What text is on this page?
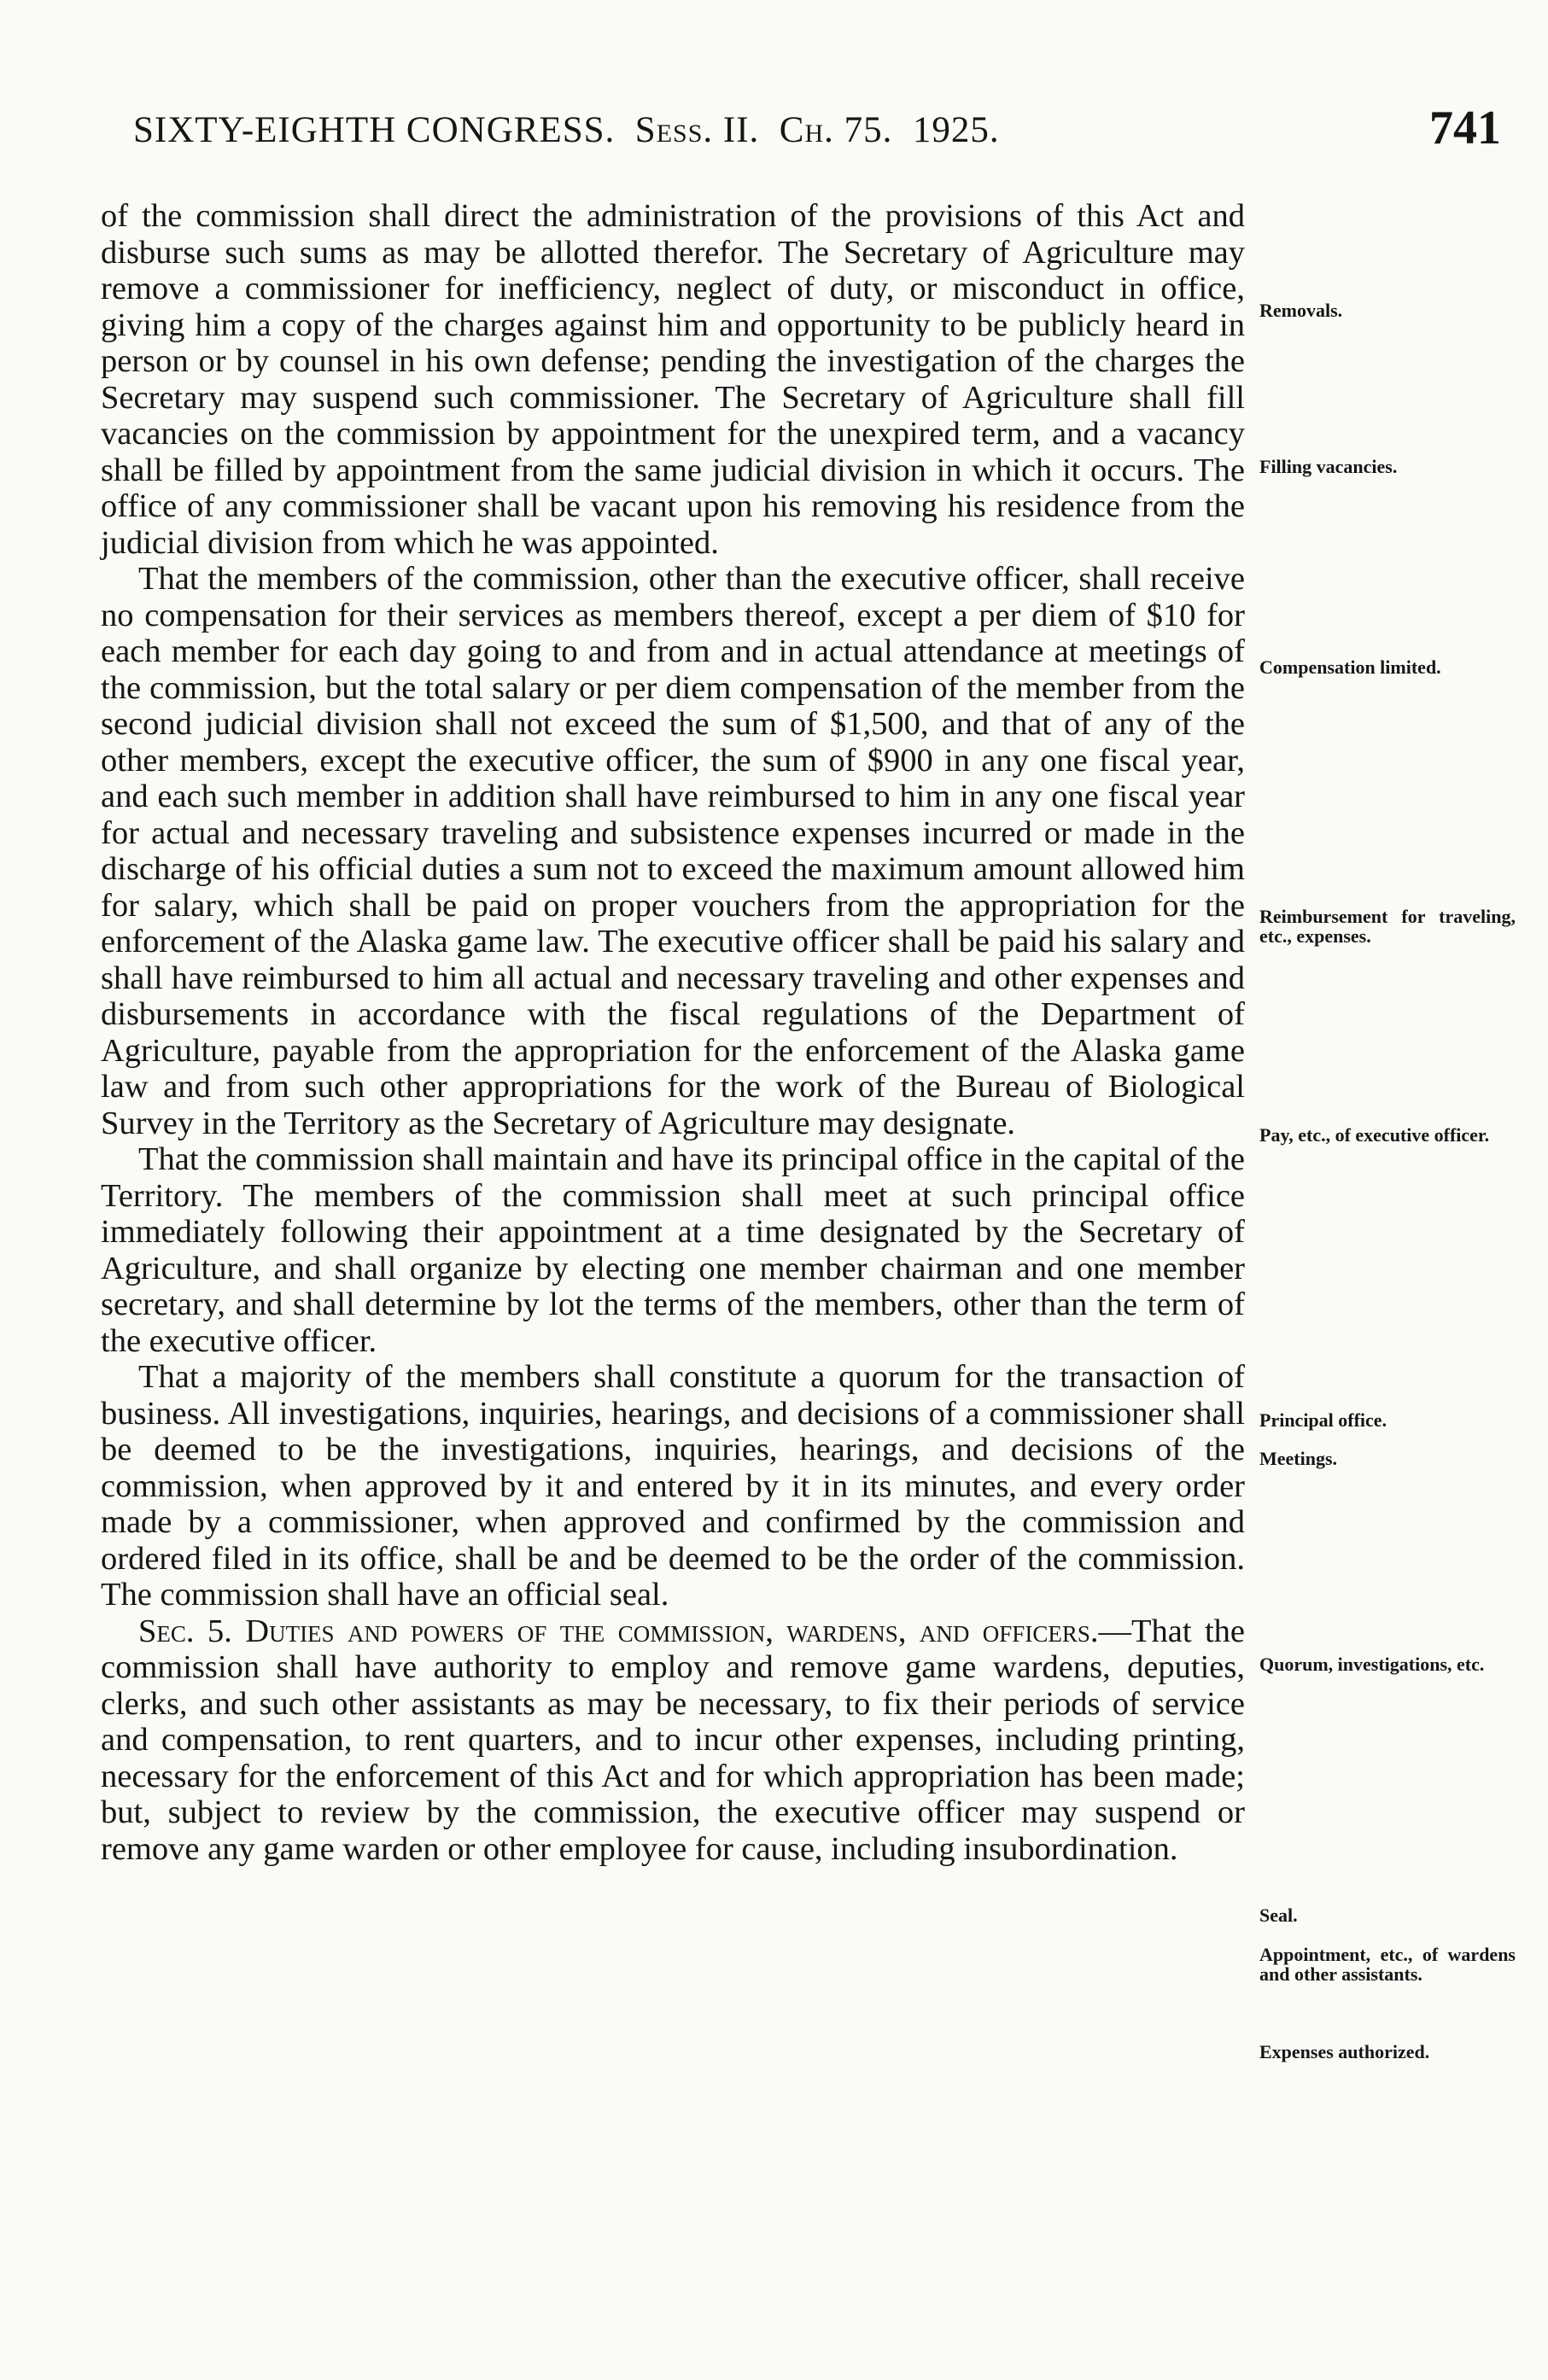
SIXTY-EIGHTH CONGRESS. Sess. II. Ch. 75. 1925.	741

of the commission shall direct the administration of the provisions of this Act and disburse such sums as may be allotted therefor. The Secretary of Agriculture may remove a commissioner for inefficiency, neglect of duty, or misconduct in office, giving him a copy of the charges against him and opportunity to be publicly heard in person or by counsel in his own defense; pending the investigation of the charges the Secretary may suspend such commissioner. The Secretary of Agriculture shall fill vacancies on the commission by appointment for the unexpired term, and a vacancy shall be filled by appointment from the same judicial division in which it occurs. The office of any commissioner shall be vacant upon his removing his residence from the judicial division from which he was appointed.

That the members of the commission, other than the executive officer, shall receive no compensation for their services as members thereof, except a per diem of $10 for each member for each day going to and from and in actual attendance at meetings of the commission, but the total salary or per diem compensation of the member from the second judicial division shall not exceed the sum of $1,500, and that of any of the other members, except the executive officer, the sum of $900 in any one fiscal year, and each such member in addition shall have reimbursed to him in any one fiscal year for actual and necessary traveling and subsistence expenses incurred or made in the discharge of his official duties a sum not to exceed the maximum amount allowed him for salary, which shall be paid on proper vouchers from the appropriation for the enforcement of the Alaska game law. The executive officer shall be paid his salary and shall have reimbursed to him all actual and necessary traveling and other expenses and disbursements in accordance with the fiscal regulations of the Department of Agriculture, payable from the appropriation for the enforcement of the Alaska game law and from such other appropriations for the work of the Bureau of Biological Survey in the Territory as the Secretary of Agriculture may designate.

That the commission shall maintain and have its principal office in the capital of the Territory. The members of the commission shall meet at such principal office immediately following their appointment at a time designated by the Secretary of Agriculture, and shall organize by electing one member chairman and one member secretary, and shall determine by lot the terms of the members, other than the term of the executive officer.

That a majority of the members shall constitute a quorum for the transaction of business. All investigations, inquiries, hearings, and decisions of a commissioner shall be deemed to be the investigations, inquiries, hearings, and decisions of the commission, when approved by it and entered by it in its minutes, and every order made by a commissioner, when approved and confirmed by the commission and ordered filed in its office, shall be and be deemed to be the order of the commission. The commission shall have an official seal.

Sec. 5. Duties and powers of the commission, wardens, and officers.—That the commission shall have authority to employ and remove game wardens, deputies, clerks, and such other assistants as may be necessary, to fix their periods of service and compensation, to rent quarters, and to incur other expenses, including printing, necessary for the enforcement of this Act and for which appropriation has been made; but, subject to review by the commission, the executive officer may suspend or remove any game warden or other employee for cause, including insubordination.

Removals.
Filling vacancies.
Compensation limited.
Reimbursement for traveling, etc., expenses.
Pay, etc., of executive officer.
Principal office.
Meetings.
Quorum, investigations, etc.
Seal.
Appointment, etc., of wardens and other assistants.
Expenses authorized.
